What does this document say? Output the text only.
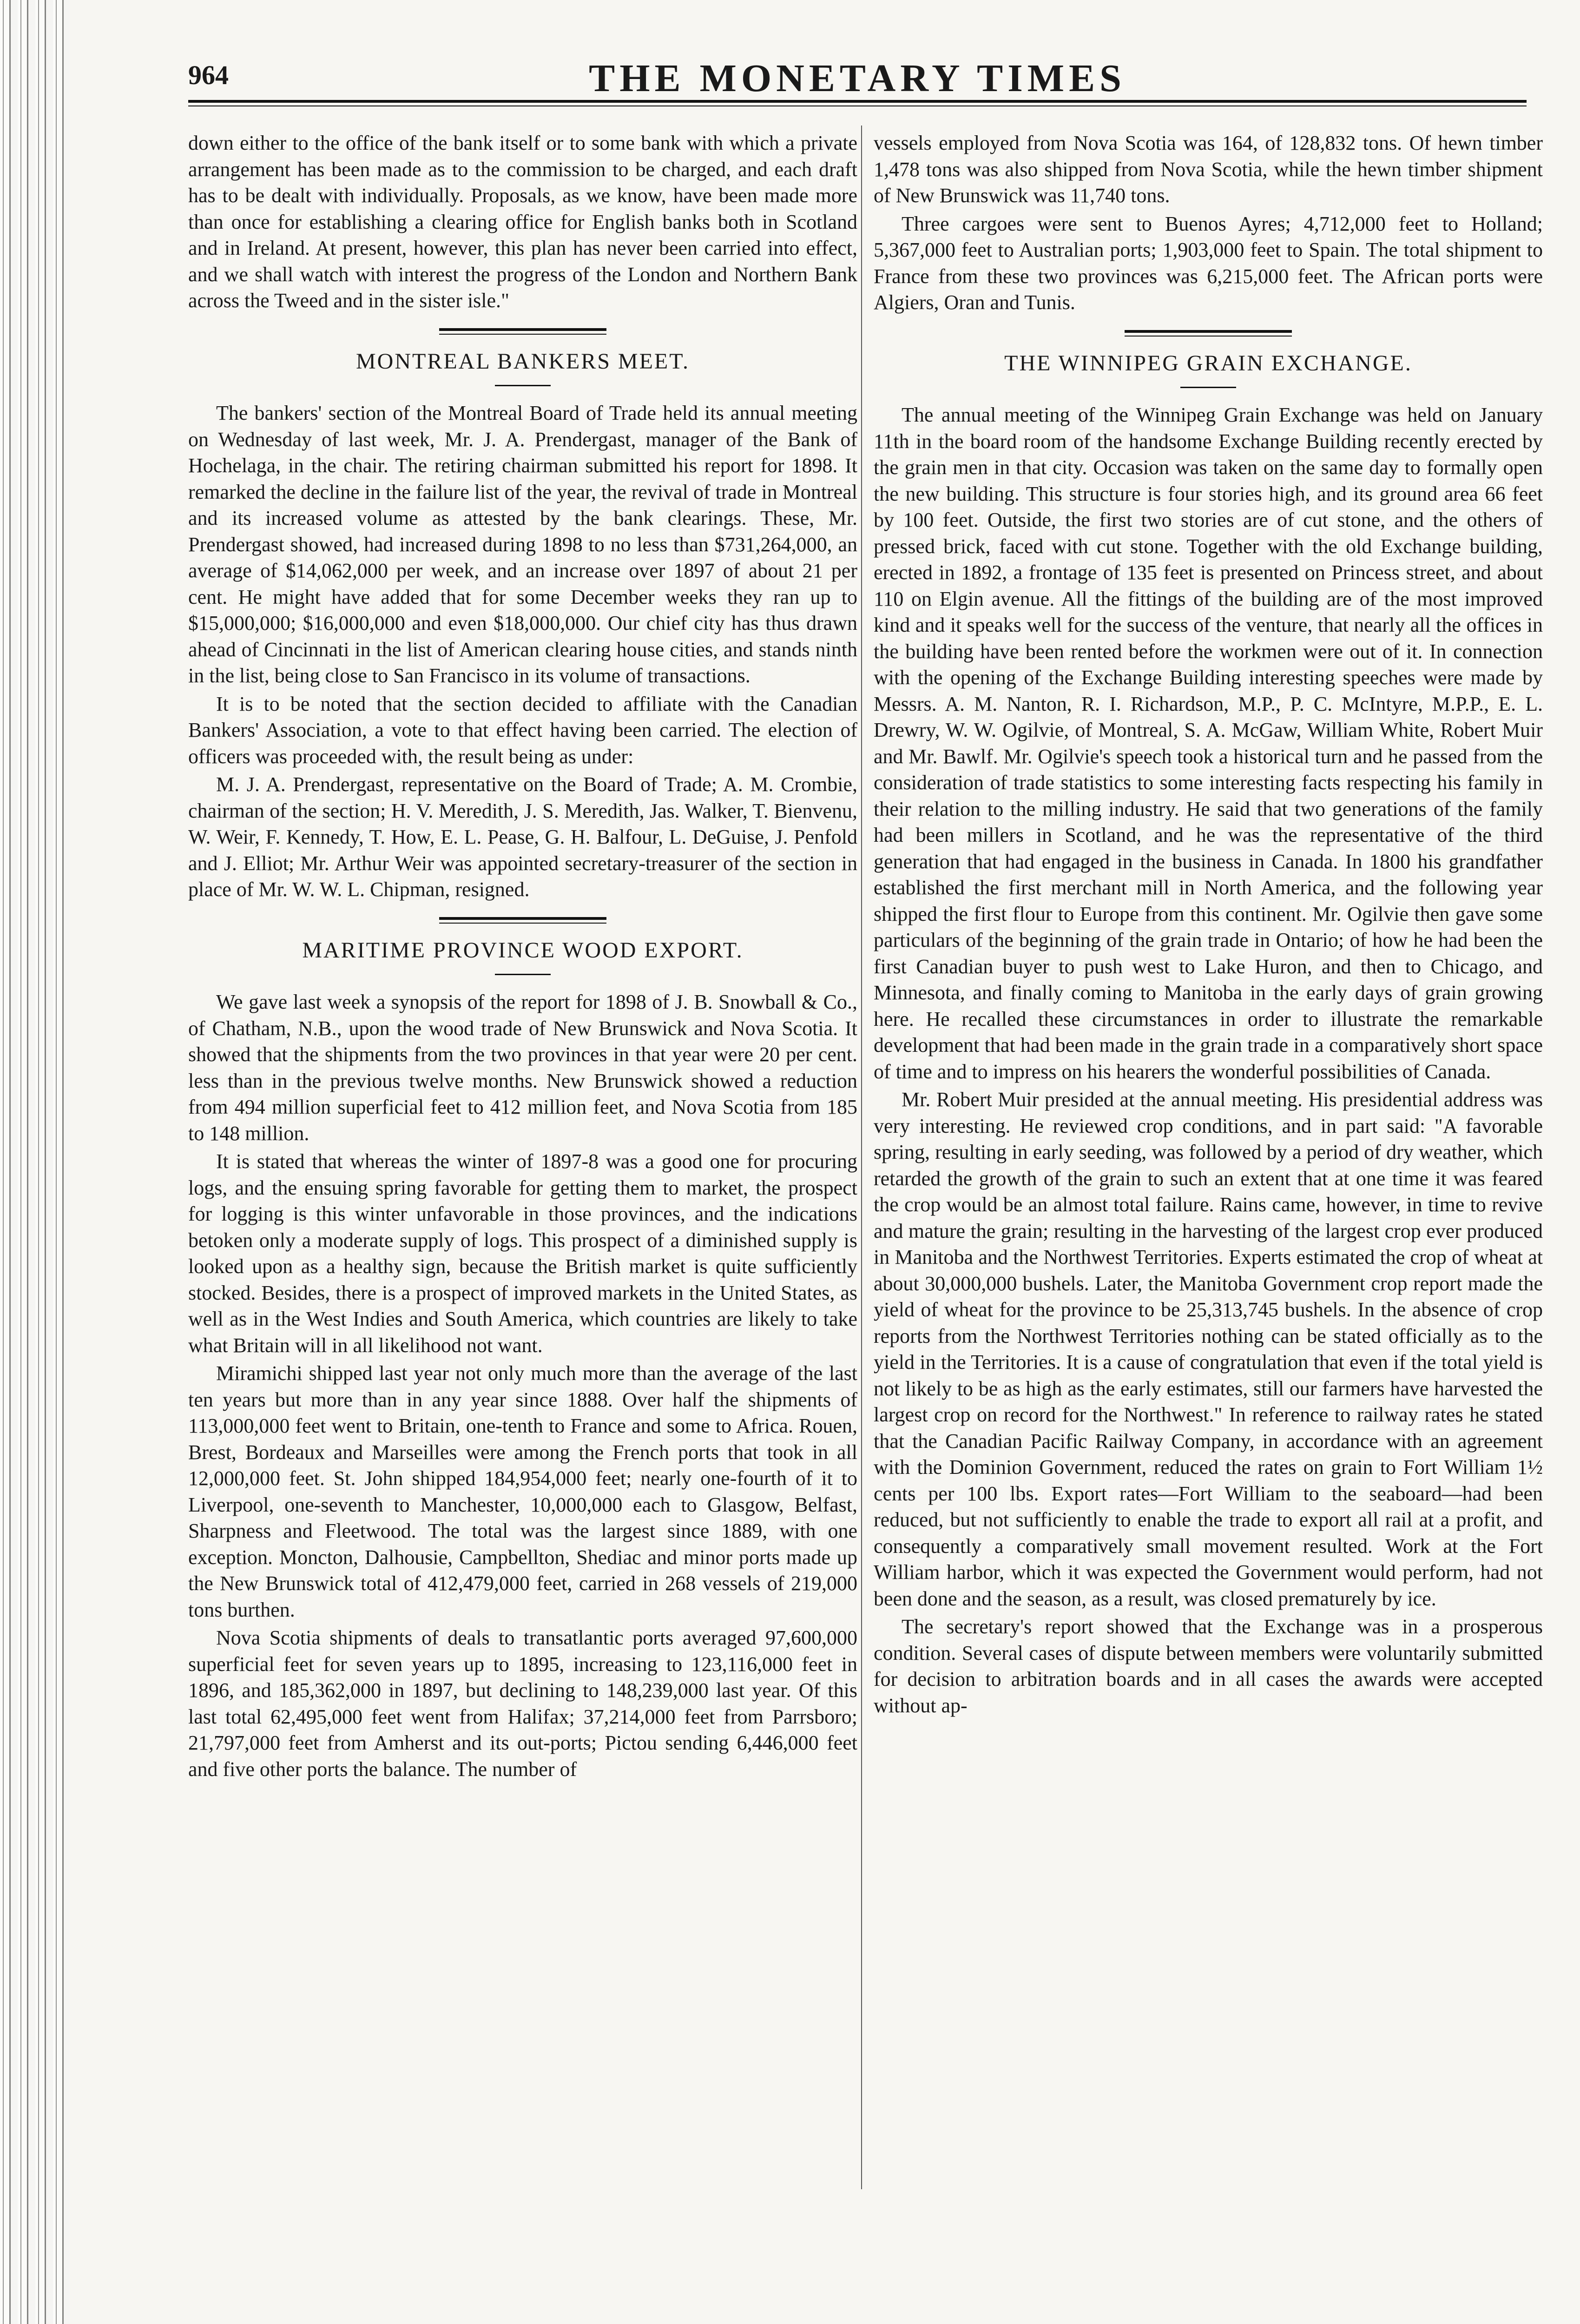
964	THE MONETARY TIMES

down either to the office of the bank itself or to some bank with which a private arrangement has been made as to the commission to be charged, and each draft has to be dealt with individually. Proposals, as we know, have been made more than once for establishing a clearing office for English banks both in Scotland and in Ireland. At present, however, this plan has never been carried into effect, and we shall watch with interest the progress of the London and Northern Bank across the Tweed and in the sister isle."

MONTREAL BANKERS MEET.

The bankers' section of the Montreal Board of Trade held its annual meeting on Wednesday of last week, Mr. J. A. Prendergast, manager of the Bank of Hochelaga, in the chair. The retiring chairman submitted his report for 1898. It remarked the decline in the failure list of the year, the revival of trade in Montreal and its increased volume as attested by the bank clearings. These, Mr. Prendergast showed, had increased during 1898 to no less than $731,264,000, an average of $14,062,000 per week, and an increase over 1897 of about 21 per cent. He might have added that for some December weeks they ran up to $15,000,000; $16,000,000 and even $18,000,000. Our chief city has thus drawn ahead of Cincinnati in the list of American clearing house cities, and stands ninth in the list, being close to San Francisco in its volume of transactions.

It is to be noted that the section decided to affiliate with the Canadian Bankers' Association, a vote to that effect having been carried. The election of officers was proceeded with, the result being as under:

M. J. A. Prendergast, representative on the Board of Trade; A. M. Crombie, chairman of the section; H. V. Meredith, J. S. Meredith, Jas. Walker, T. Bienvenu, W. Weir, F. Kennedy, T. How, E. L. Pease, G. H. Balfour, L. DeGuise, J. Penfold and J. Elliot; Mr. Arthur Weir was appointed secretary-treasurer of the section in place of Mr. W. W. L. Chipman, resigned.

MARITIME PROVINCE WOOD EXPORT.

We gave last week a synopsis of the report for 1898 of J. B. Snowball & Co., of Chatham, N.B., upon the wood trade of New Brunswick and Nova Scotia. It showed that the shipments from the two provinces in that year were 20 per cent. less than in the previous twelve months. New Brunswick showed a reduction from 494 million superficial feet to 412 million feet, and Nova Scotia from 185 to 148 million.

It is stated that whereas the winter of 1897-8 was a good one for procuring logs, and the ensuing spring favorable for getting them to market, the prospect for logging is this winter unfavorable in those provinces, and the indications betoken only a moderate supply of logs. This prospect of a diminished supply is looked upon as a healthy sign, because the British market is quite sufficiently stocked. Besides, there is a prospect of improved markets in the United States, as well as in the West Indies and South America, which countries are likely to take what Britain will in all likelihood not want.

Miramichi shipped last year not only much more than the average of the last ten years but more than in any year since 1888. Over half the shipments of 113,000,000 feet went to Britain, one-tenth to France and some to Africa. Rouen, Brest, Bordeaux and Marseilles were among the French ports that took in all 12,000,000 feet. St. John shipped 184,954,000 feet; nearly one-fourth of it to Liverpool, one-seventh to Manchester, 10,000,000 each to Glasgow, Belfast, Sharpness and Fleetwood. The total was the largest since 1889, with one exception. Moncton, Dalhousie, Campbellton, Shediac and minor ports made up the New Brunswick total of 412,479,000 feet, carried in 268 vessels of 219,000 tons burthen.

Nova Scotia shipments of deals to transatlantic ports averaged 97,600,000 superficial feet for seven years up to 1895, increasing to 123,116,000 feet in 1896, and 185,362,000 in 1897, but declining to 148,239,000 last year. Of this last total 62,495,000 feet went from Halifax; 37,214,000 feet from Parrsboro; 21,797,000 feet from Amherst and its out-ports; Pictou sending 6,446,000 feet and five other ports the balance. The number of

vessels employed from Nova Scotia was 164, of 128,832 tons. Of hewn timber 1,478 tons was also shipped from Nova Scotia, while the hewn timber shipment of New Brunswick was 11,740 tons.

Three cargoes were sent to Buenos Ayres; 4,712,000 feet to Holland; 5,367,000 feet to Australian ports; 1,903,000 feet to Spain. The total shipment to France from these two provinces was 6,215,000 feet. The African ports were Algiers, Oran and Tunis.

THE WINNIPEG GRAIN EXCHANGE.

The annual meeting of the Winnipeg Grain Exchange was held on January 11th in the board room of the handsome Exchange Building recently erected by the grain men in that city. Occasion was taken on the same day to formally open the new building. This structure is four stories high, and its ground area 66 feet by 100 feet. Outside, the first two stories are of cut stone, and the others of pressed brick, faced with cut stone. Together with the old Exchange building, erected in 1892, a frontage of 135 feet is presented on Princess street, and about 110 on Elgin avenue. All the fittings of the building are of the most improved kind and it speaks well for the success of the venture, that nearly all the offices in the building have been rented before the workmen were out of it. In connection with the opening of the Exchange Building interesting speeches were made by Messrs. A. M. Nanton, R. I. Richardson, M.P., P. C. McIntyre, M.P.P., E. L. Drewry, W. W. Ogilvie, of Montreal, S. A. McGaw, William White, Robert Muir and Mr. Bawlf. Mr. Ogilvie's speech took a historical turn and he passed from the consideration of trade statistics to some interesting facts respecting his family in their relation to the milling industry. He said that two generations of the family had been millers in Scotland, and he was the representative of the third generation that had engaged in the business in Canada. In 1800 his grandfather established the first merchant mill in North America, and the following year shipped the first flour to Europe from this continent. Mr. Ogilvie then gave some particulars of the beginning of the grain trade in Ontario; of how he had been the first Canadian buyer to push west to Lake Huron, and then to Chicago, and Minnesota, and finally coming to Manitoba in the early days of grain growing here. He recalled these circumstances in order to illustrate the remarkable development that had been made in the grain trade in a comparatively short space of time and to impress on his hearers the wonderful possibilities of Canada.

Mr. Robert Muir presided at the annual meeting. His presidential address was very interesting. He reviewed crop conditions, and in part said: "A favorable spring, resulting in early seeding, was followed by a period of dry weather, which retarded the growth of the grain to such an extent that at one time it was feared the crop would be an almost total failure. Rains came, however, in time to revive and mature the grain; resulting in the harvesting of the largest crop ever produced in Manitoba and the Northwest Territories. Experts estimated the crop of wheat at about 30,000,000 bushels. Later, the Manitoba Government crop report made the yield of wheat for the province to be 25,313,745 bushels. In the absence of crop reports from the Northwest Territories nothing can be stated officially as to the yield in the Territories. It is a cause of congratulation that even if the total yield is not likely to be as high as the early estimates, still our farmers have harvested the largest crop on record for the Northwest." In reference to railway rates he stated that the Canadian Pacific Railway Company, in accordance with an agreement with the Dominion Government, reduced the rates on grain to Fort William 1½ cents per 100 lbs. Export rates—Fort William to the seaboard—had been reduced, but not sufficiently to enable the trade to export all rail at a profit, and consequently a comparatively small movement resulted. Work at the Fort William harbor, which it was expected the Government would perform, had not been done and the season, as a result, was closed prematurely by ice.

The secretary's report showed that the Exchange was in a prosperous condition. Several cases of dispute between members were voluntarily submitted for decision to arbitration boards and in all cases the awards were accepted without ap-
